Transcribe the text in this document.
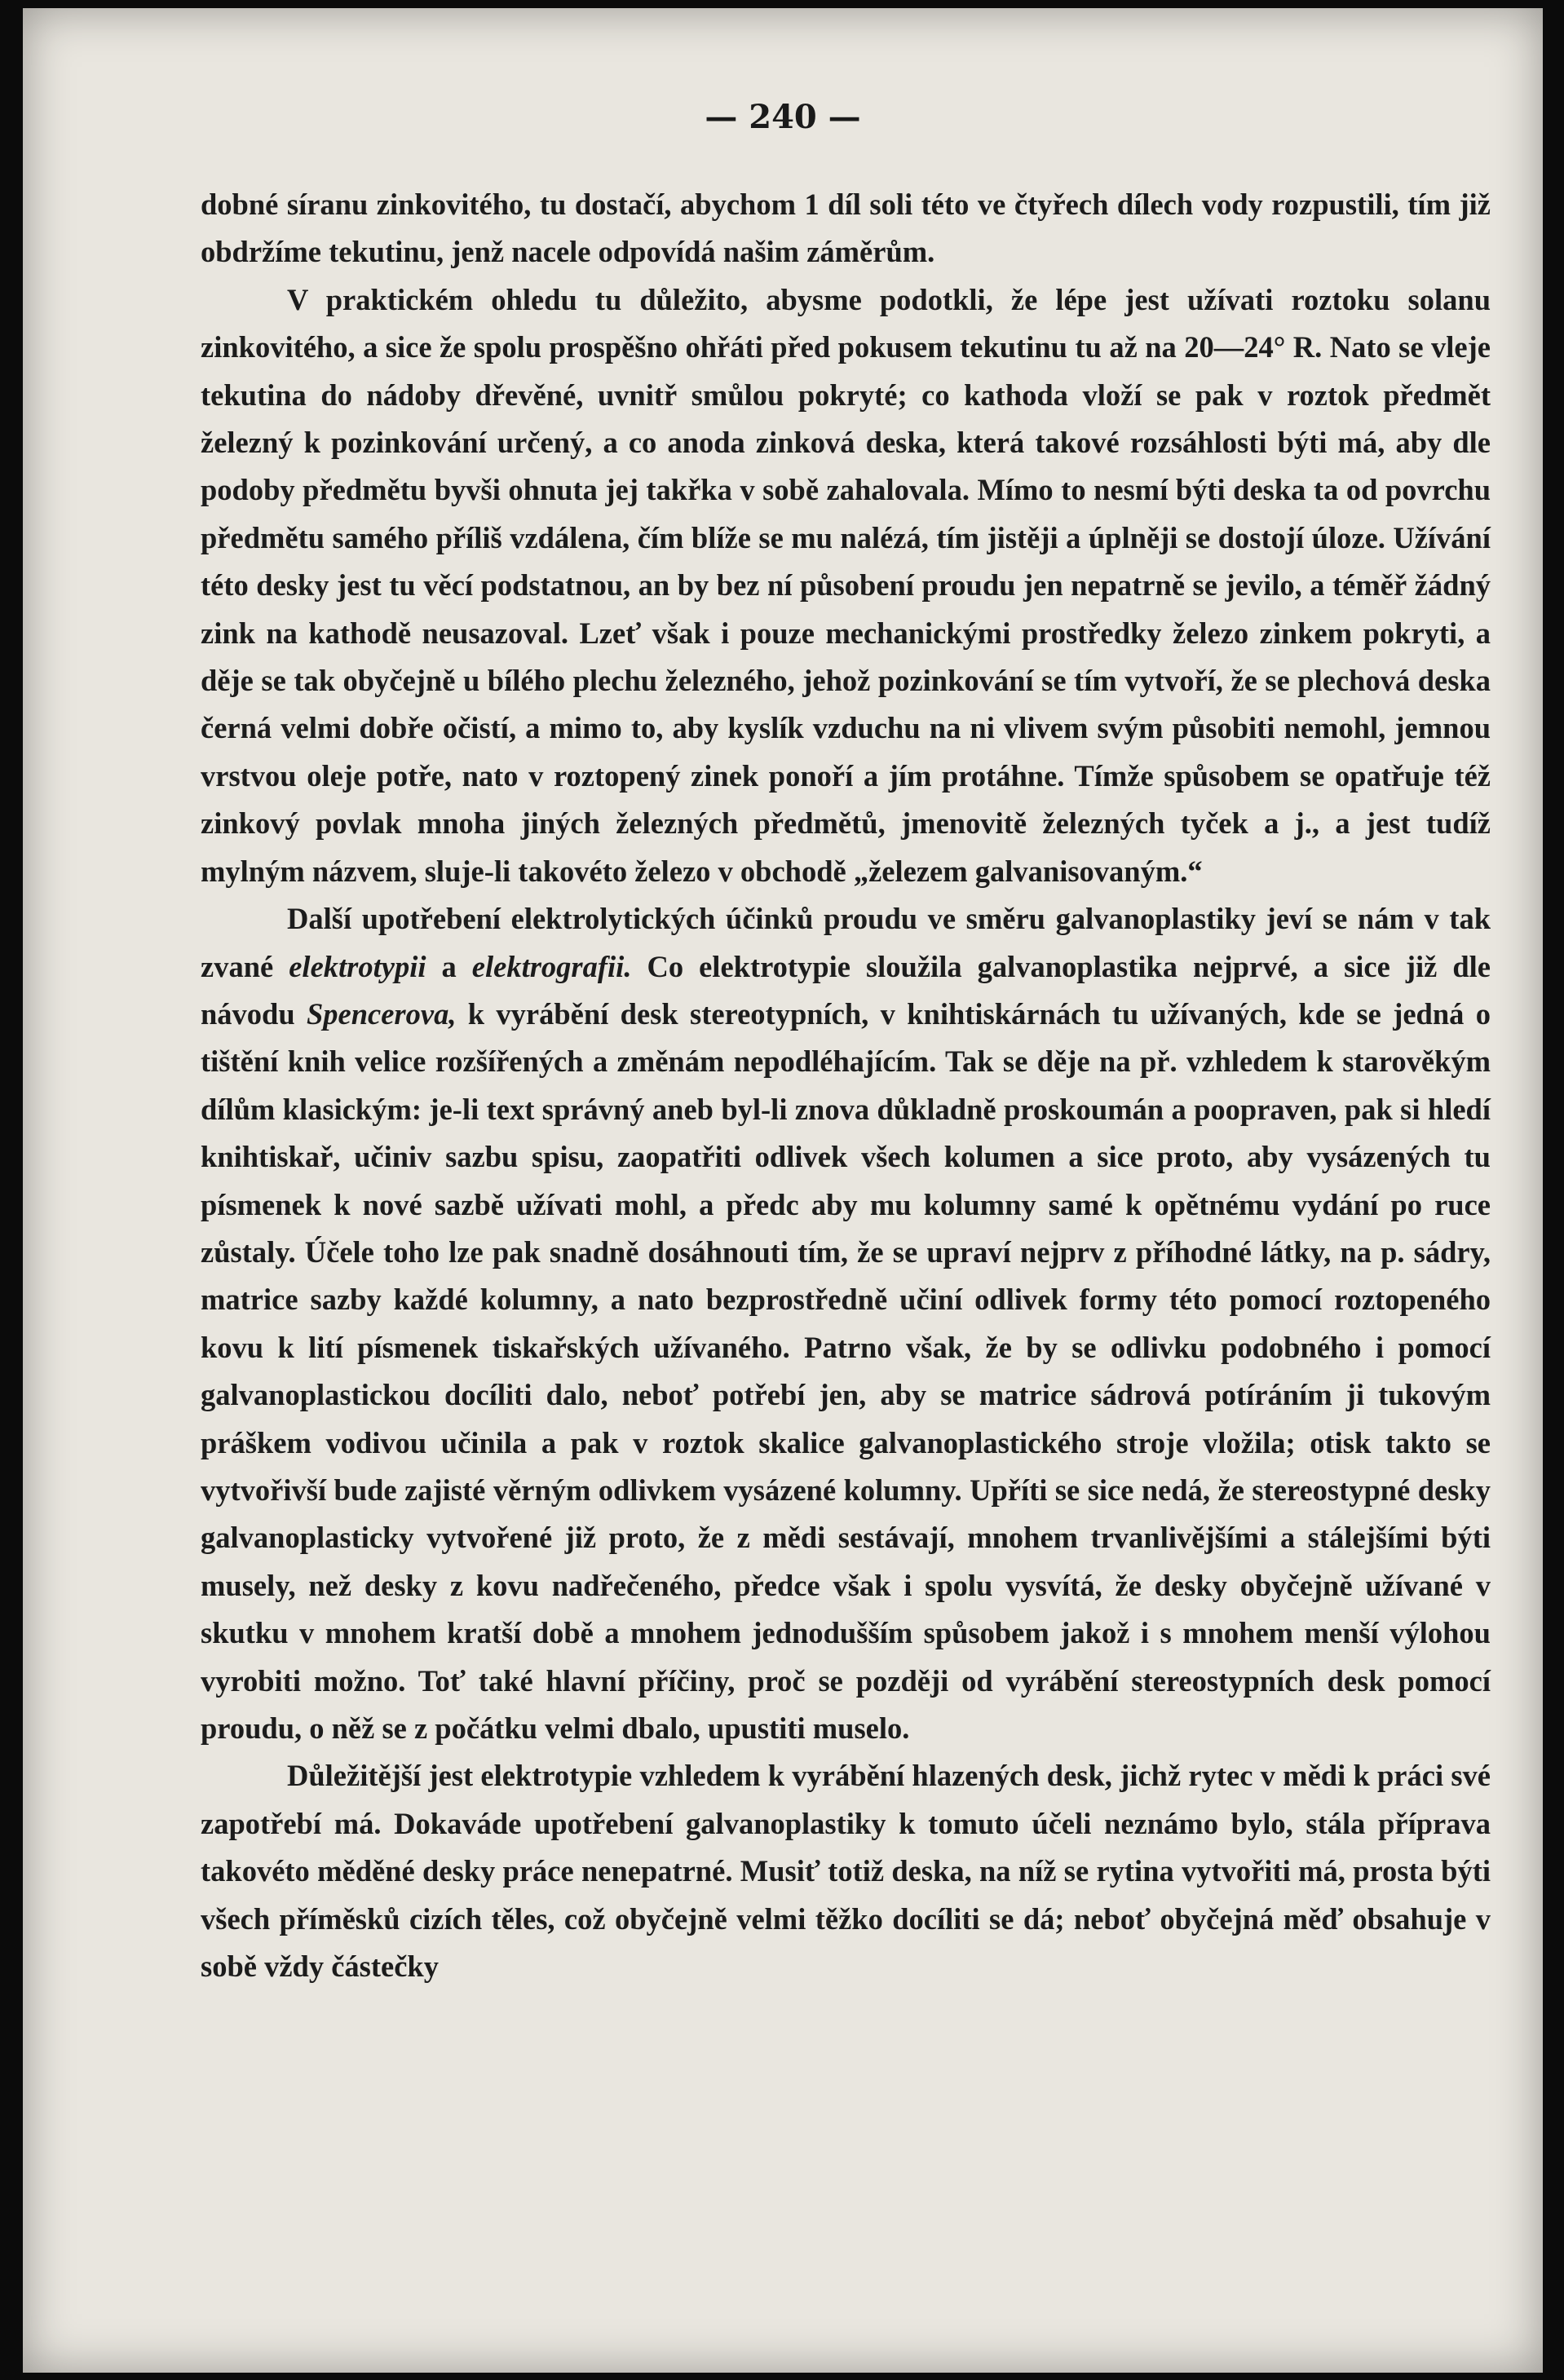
— 240 —

dobné síranu zinkovitého, tu dostačí, abychom 1 díl soli této ve čtyřech dílech vody rozpustili, tím již obdržíme tekutinu, jenž nacele odpovídá našim záměrům.

V praktickém ohledu tu důležito, abysme podotkli, že lépe jest užívati roztoku solanu zinkovitého, a sice že spolu prospěšno ohřáti před pokusem tekutinu tu až na 20—24° R. Nato se vleje tekutina do nádoby dřevěné, uvnitř smůlou pokryté; co kathoda vloží se pak v roztok předmět železný k pozinkování určený, a co anoda zinková deska, která takové rozsáhlosti býti má, aby dle podoby předmětu byvši ohnuta jej takřka v sobě zahalovala. Mímo to nesmí býti deska ta od povrchu předmětu samého příliš vzdálena, čím blíže se mu nalézá, tím jistěji a úplněji se dostojí úloze. Užívání této desky jest tu věcí podstatnou, an by bez ní působení proudu jen nepatrně se jevilo, a téměř žádný zink na kathodě neusazoval. Lzeť však i pouze mechanickými prostředky železo zinkem pokryti, a děje se tak obyčejně u bílého plechu železného, jehož pozinkování se tím vytvoří, že se plechová deska černá velmi dobře očistí, a mimo to, aby kyslík vzduchu na ni vlivem svým působiti nemohl, jemnou vrstvou oleje potře, nato v roztopený zinek ponoří a jím protáhne. Tímže spůsobem se opatřuje též zinkový povlak mnoha jiných železných předmětů, jmenovitě železných tyček a j., a jest tudíž mylným názvem, sluje-li takovéto železo v obchodě „železem galvanisovaným.“

Další upotřebení elektrolytických účinků proudu ve směru galvanoplastiky jeví se nám v tak zvané elektrotypii a elektrografii. Co elektrotypie sloužila galvanoplastika nejprvé, a sice již dle návodu Spencerova, k vyrábění desk stereotypních, v knihtiskárnách tu užívaných, kde se jedná o tištění knih velice rozšířených a změnám nepodléhajícím. Tak se děje na př. vzhledem k starověkým dílům klasickým: je-li text správný aneb byl-li znova důkladně proskoumán a poopraven, pak si hledí knihtiskař, učiniv sazbu spisu, zaopatřiti odlivek všech kolumen a sice proto, aby vysázených tu písmenek k nové sazbě užívati mohl, a předc aby mu kolumny samé k opětnému vydání po ruce zůstaly. Účele toho lze pak snadně dosáhnouti tím, že se upraví nejprv z příhodné látky, na p. sádry, matrice sazby každé kolumny, a nato bezprostředně učiní odlivek formy této pomocí roztopeného kovu k lití písmenek tiskařských užívaného. Patrno však, že by se odlivku podobného i pomocí galvanoplastickou docíliti dalo, neboť potřebí jen, aby se matrice sádrová potíráním ji tukovým práškem vodivou učinila a pak v roztok skalice galvanoplastického stroje vložila; otisk takto se vytvořivší bude zajisté věrným odlivkem vysázené kolumny. Upříti se sice nedá, že stereostypné desky galvanoplasticky vytvořené již proto, že z mědi sestávají, mnohem trvanlivějšími a stálejšími býti musely, než desky z kovu nadřečeného, předce však i spolu vysvítá, že desky obyčejně užívané v skutku v mnohem kratší době a mnohem jednodušším spůsobem jakož i s mnohem menší výlohou vyrobiti možno. Toť také hlavní příčiny, proč se později od vyrábění stereostypních desk pomocí proudu, o něž se z počátku velmi dbalo, upustiti muselo.

Důležitější jest elektrotypie vzhledem k vyrábění hlazených desk, jichž rytec v mědi k práci své zapotřebí má. Dokaváde upotřebení galvanoplastiky k tomuto účeli neznámo bylo, stála příprava takovéto měděné desky práce nenepatrné. Musiť totiž deska, na níž se rytina vytvořiti má, prosta býti všech příměsků cizích těles, což obyčejně velmi těžko docíliti se dá; neboť obyčejná měď obsahuje v sobě vždy částečky
